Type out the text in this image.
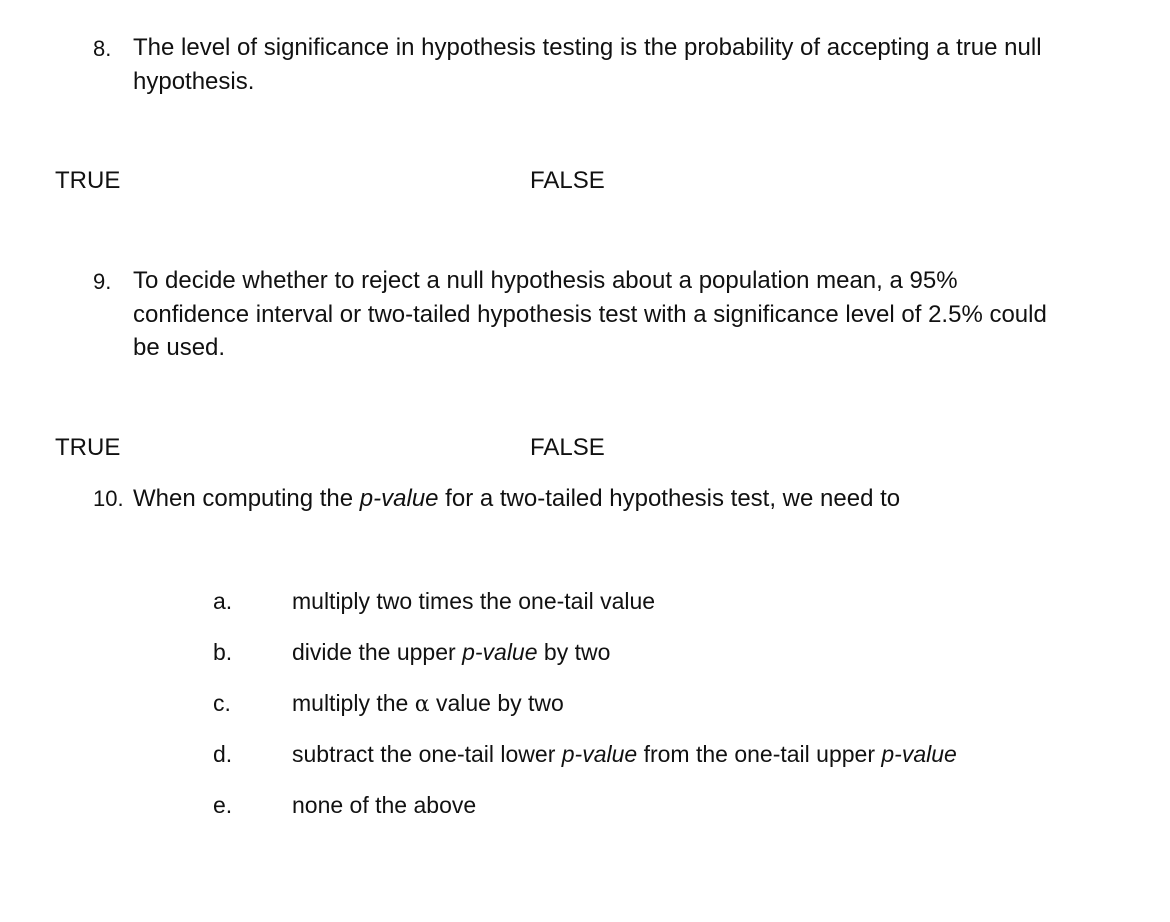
8. The level of significance in hypothesis testing is the probability of accepting a true null hypothesis.
TRUE	FALSE
9. To decide whether to reject a null hypothesis about a population mean, a 95% confidence interval or two-tailed hypothesis test with a significance level of 2.5% could be used.
TRUE	FALSE
10. When computing the p-value for a two-tailed hypothesis test, we need to
a.	multiply two times the one-tail value
b.	divide the upper p-value by two
c.	multiply the α value by two
d.	subtract the one-tail lower p-value from the one-tail upper p-value
e.	none of the above
